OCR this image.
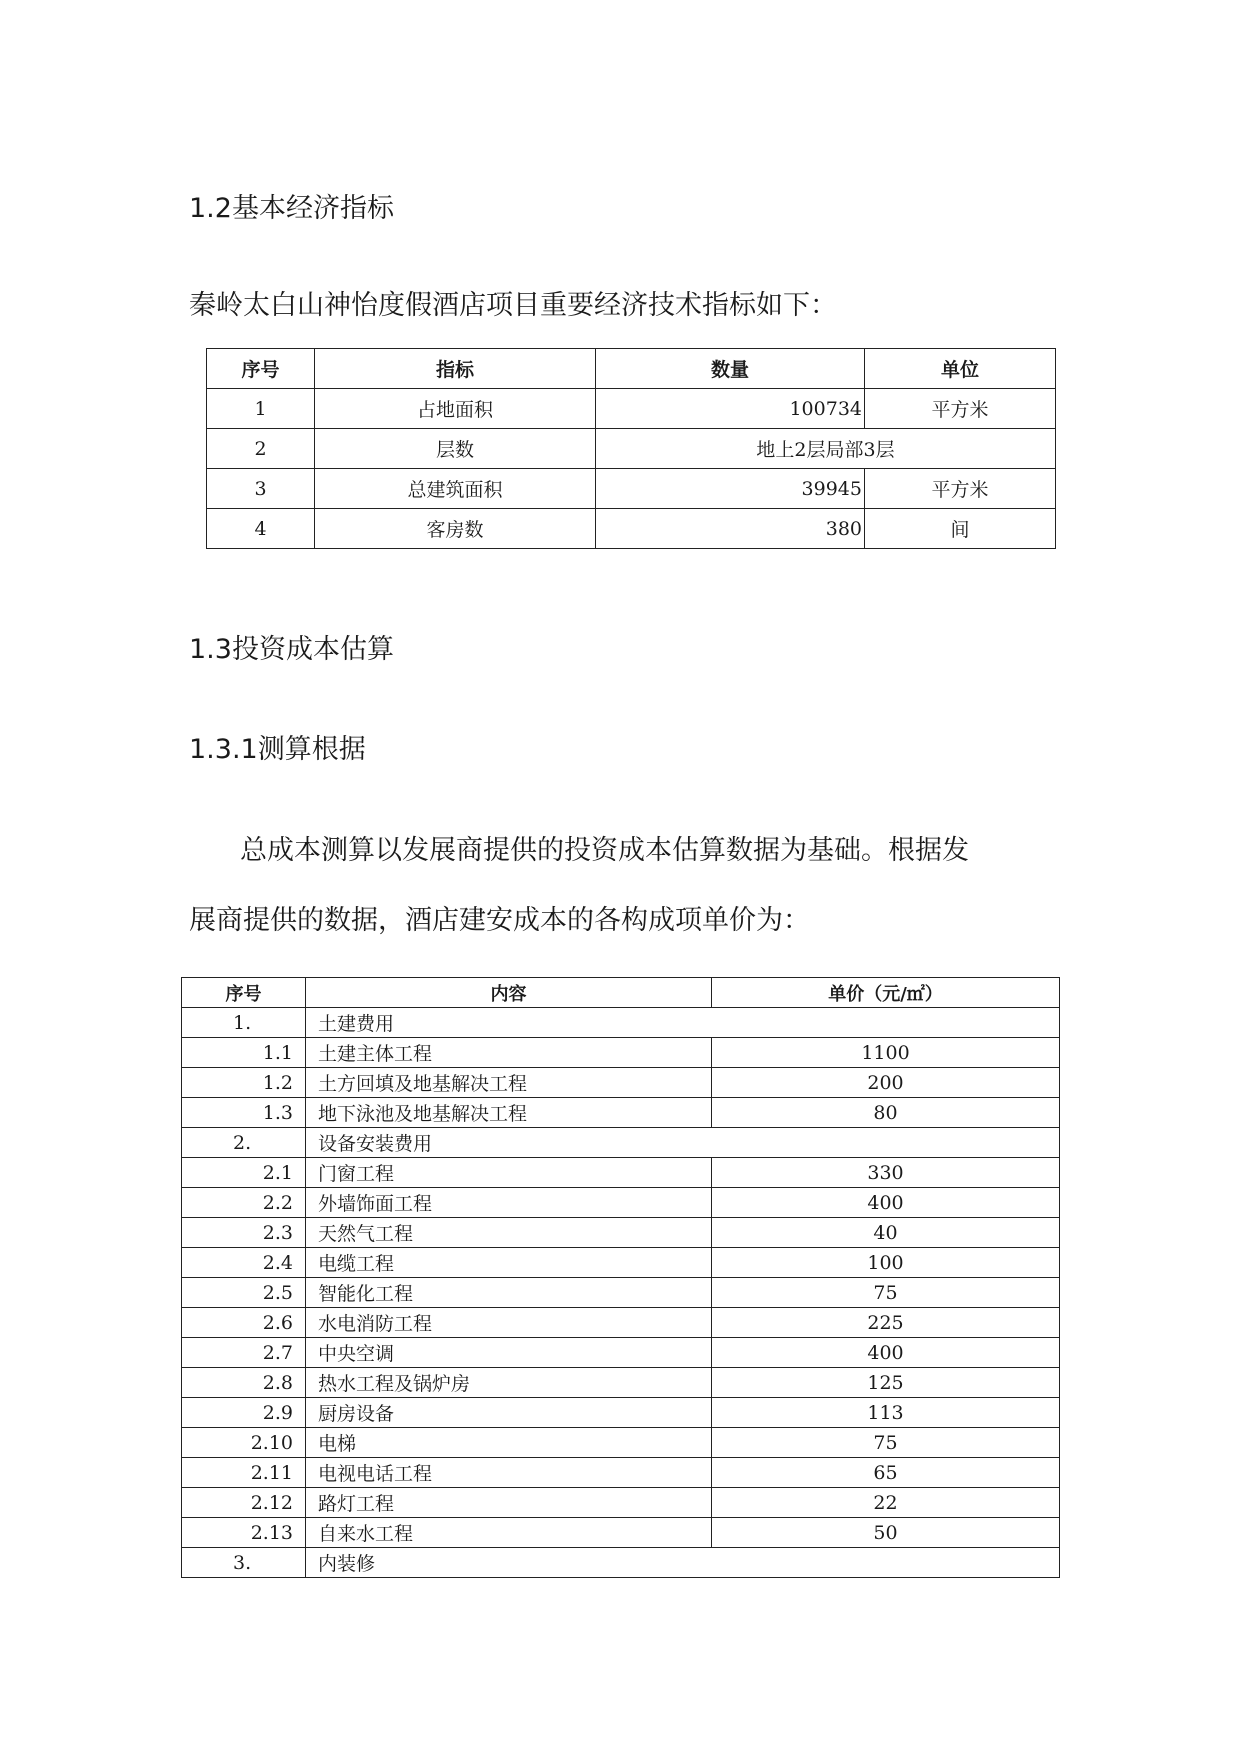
1.2基本经济指标

秦岭太白山神怡度假酒店项目重要经济技术指标如下：

序号	指标	数量	单位
1	占地面积	100734	平方米
2	层数	地上2层局部3层	
3	总建筑面积	39945	平方米
4	客房数	380	间
1.3投资成本估算
1.3.1测算根据

总成本测算以发展商提供的投资成本估算数据为基础。根据发

展商提供的数据，酒店建安成本的各构成项单价为：

序号	内容	单价（元/㎡）
1.	土建费用	
1.1	土建主体工程	1100
1.2	土方回填及地基解决工程	200
1.3	地下泳池及地基解决工程	80
2.	设备安装费用	
2.1	门窗工程	330
2.2	外墙饰面工程	400
2.3	天然气工程	40
2.4	电缆工程	100
2.5	智能化工程	75
2.6	水电消防工程	225
2.7	中央空调	400
2.8	热水工程及锅炉房	125
2.9	厨房设备	113
2.10	电梯	75
2.11	电视电话工程	65
2.12	路灯工程	22
2.13	自来水工程	50
3.	内装修	
